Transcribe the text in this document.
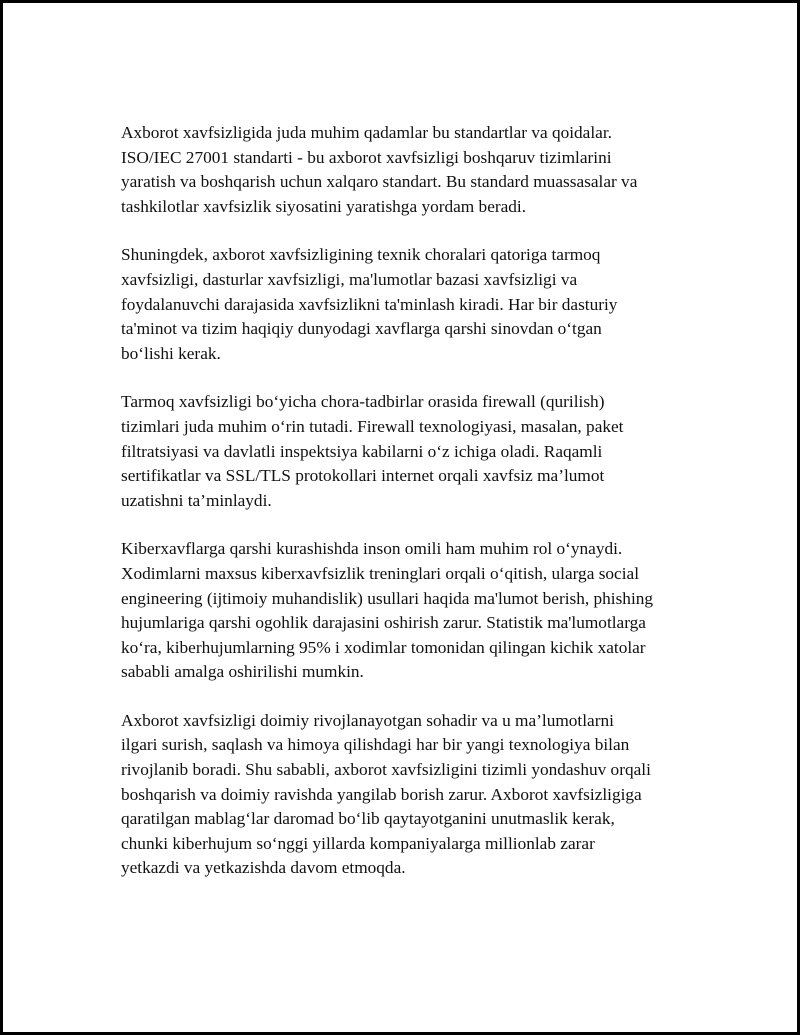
Axborot xavfsizligida juda muhim qadamlar bu standartlar va qoidalar.
ISO/IEC 27001 standarti - bu axborot xavfsizligi boshqaruv tizimlarini
yaratish va boshqarish uchun xalqaro standart. Bu standard muassasalar va
tashkilotlar xavfsizlik siyosatini yaratishga yordam beradi.

Shuningdek, axborot xavfsizligining texnik choralari qatoriga tarmoq
xavfsizligi, dasturlar xavfsizligi, ma'lumotlar bazasi xavfsizligi va
foydalanuvchi darajasida xavfsizlikni ta'minlash kiradi. Har bir dasturiy
ta'minot va tizim haqiqiy dunyodagi xavflarga qarshi sinovdan o‘tgan
bo‘lishi kerak.

Tarmoq xavfsizligi bo‘yicha chora-tadbirlar orasida firewall (qurilish)
tizimlari juda muhim o‘rin tutadi. Firewall texnologiyasi, masalan, paket
filtratsiyasi va davlatli inspektsiya kabilarni o‘z ichiga oladi. Raqamli
sertifikatlar va SSL/TLS protokollari internet orqali xavfsiz ma’lumot
uzatishni ta’minlaydi.

Kiberxavflarga qarshi kurashishda inson omili ham muhim rol o‘ynaydi.
Xodimlarni maxsus kiberxavfsizlik treninglari orqali o‘qitish, ularga social
engineering (ijtimoiy muhandislik) usullari haqida ma'lumot berish, phishing
hujumlariga qarshi ogohlik darajasini oshirish zarur. Statistik ma'lumotlarga
ko‘ra, kiberhujumlarning 95% i xodimlar tomonidan qilingan kichik xatolar
sababli amalga oshirilishi mumkin.

Axborot xavfsizligi doimiy rivojlanayotgan sohadir va u ma’lumotlarni
ilgari surish, saqlash va himoya qilishdagi har bir yangi texnologiya bilan
rivojlanib boradi. Shu sababli, axborot xavfsizligini tizimli yondashuv orqali
boshqarish va doimiy ravishda yangilab borish zarur. Axborot xavfsizligiga
qaratilgan mablag‘lar daromad bo‘lib qaytayotganini unutmaslik kerak,
chunki kiberhujum so‘nggi yillarda kompaniyalarga millionlab zarar
yetkazdi va yetkazishda davom etmoqda.
